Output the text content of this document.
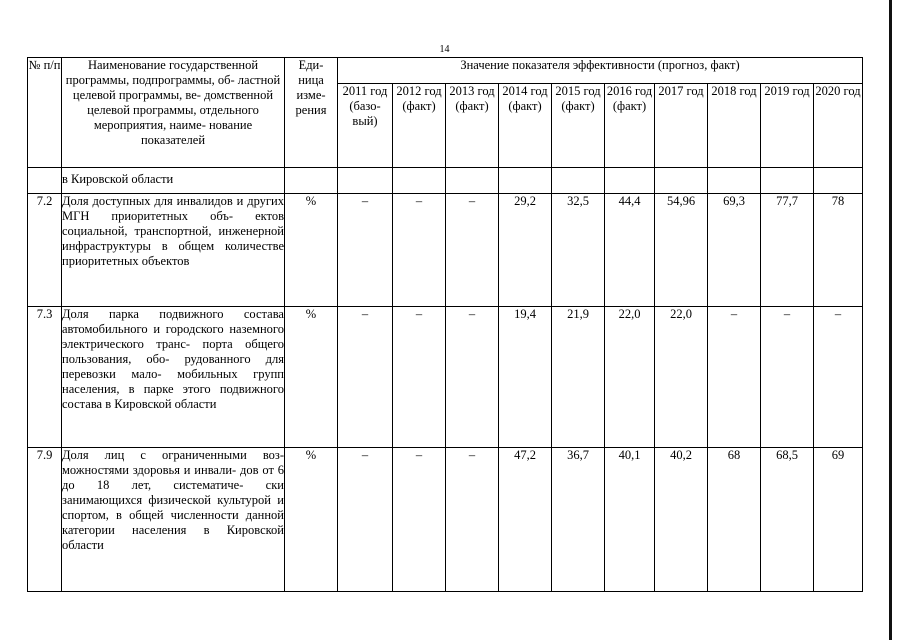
14
№ п/п	Наименование государственной программы, подпрограммы, об- ластной целевой программы, ве- домственной целевой программы, отдельного мероприятия, наиме- нование показателей	Еди- ница изме- рения	Значение показателя эффективности (прогноз, факт)									
			2011 год (базо- вый)	2012 год (факт)	2013 год (факт)	2014 год (факт)	2015 год (факт)	2016 год (факт)	2017 год	2018 год	2019 год	2020 год
	в Кировской области											
7.2	Доля доступных для инвалидов и других МГН приоритетных объ- ектов социальной, транспортной, инженерной инфраструктуры в общем количестве приоритетных объектов	%	–	–	–	29,2	32,5	44,4	54,96	69,3	77,7	78
7.3	Доля парка подвижного состава автомобильного и городского наземного электрического транс- порта общего пользования, обо- рудованного для перевозки мало- мобильных групп населения, в парке этого подвижного состава в Кировской области	%	–	–	–	19,4	21,9	22,0	22,0	–	–	–
7.9	Доля лиц с ограниченными воз- можностями здоровья и инвали- дов от 6 до 18 лет, систематиче- ски занимающихся физической культурой и спортом, в общей численности данной категории населения в Кировской области	%	–	–	–	47,2	36,7	40,1	40,2	68	68,5	69
